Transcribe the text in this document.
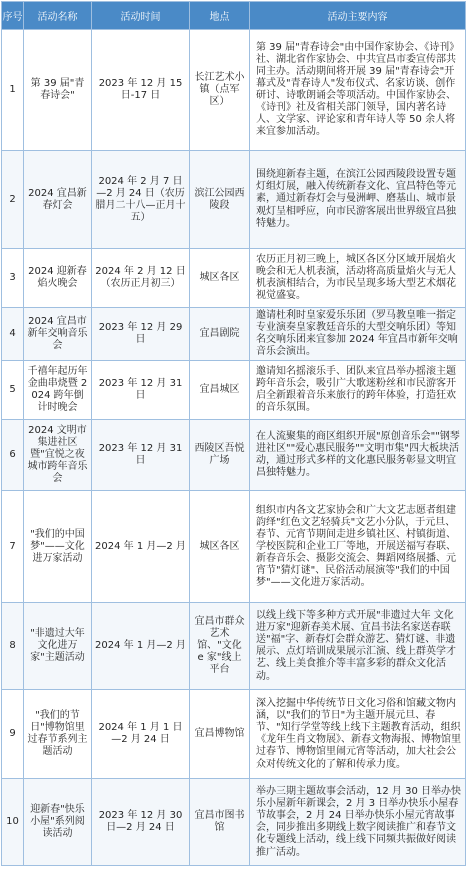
序号	活动名称	活动时间	地点	活动主要内容
1	第 39 届"青春诗会"	2023 年 12 月 15 日-17 日	长江艺术小镇（点军区）	第 39 届"青春诗会"由中国作家协会、《诗刊》社、湖北省作家协会、中共宜昌市委宣传部共同主办。活动期间将开展 39 届"青春诗会"开幕式及"青春诗人"发布仪式、名家访谈、创作研讨、诗歌朗诵会等项活动。中国作家协会、《诗刊》社及省相关部门领导，国内著名诗人、文学家、评论家和青年诗人等 50 余人将来宜参加活动。
2	2024 宜昌新春灯会	2024 年 2 月 7 日—2 月 24 日（农历腊月二十八—正月十五）	滨江公园西陵段	围绕迎新春主题，在滨江公园西陵段设置专题灯组灯展，融入传统新春文化、宜昌特色等元素，通过新春灯会与曼洲岬、磨基山、城市景观灯呈相呼应，向市民游客展出世界级宜昌独特魅力。
3	2024 迎新春焰火晚会	2024 年 2 月 12 日（农历正月初三）	城区各区	农历正月初三晚上，城区各区分区域开展焰火晚会和无人机表演，活动将高质量焰火与无人机表演相结合，为市民呈现多场大型艺术烟花视觉盛宴。
4	2024 宜昌市新年交响音乐会	2023 年 12 月 29 日	宜昌剧院	邀请杜利时皇家爱乐乐团（罗马教皇唯一指定专业演奏皇家教廷音乐的大型交响乐团）等知名交响乐团来宜参加 2024 年宜昌市新年交响音乐会演出。
5	千禧年起历年金曲串烧暨 2024 跨年倒计时晚会	2023 年 12 月 31 日	宜昌城区	邀请知名摇滚乐手、团队来宜昌举办摇滚主题跨年音乐会，吸引广大歌迷粉丝和市民游客开启全新跟着音乐来旅行的跨年体验，打造狂欢的音乐氛围。
6	2024 文明市集进社区暨"宜悦之夜 城市跨年音乐会	2023 年 12 月 31 日	西陵区吾悦广场	在人流聚集的商区组织开展"原创音乐会""钢琴进社区""爱心惠民服务""文明市集"四大板块活动，通过形式多样的文化惠民服务彰显文明宜昌独特魅力。
7	"我们的中国梦"——文化进万家活动	2024 年 1 月—2 月	城区各区	组织市内各文艺家协会和广大文艺志愿者组建韵绎"红色文艺轻骑兵"文艺小分队，于元旦、春节、元宵节期间走进乡镇社区、村镇街道、学校医院和企业工厂等地，开展送福写春联、新春音乐会、摄影交流会、舞蹈网络展播、元宵节"猜灯谜"、民俗活动展演等"我们的中国梦"——文化进万家活动。
8	"非遗过大年 文化进万家"主题活动	2024 年 1 月—2 月	宜昌市群众艺术馆、"文化 e 家"线上平台	以线上线下等多种方式开展"非遗过大年 文化进万家"迎新春美术展、宜昌书法名家送春联送"福"字、新春灯会群众游艺、猜灯谜、非遗展示、点灯培训成果展示汇演、线上群英学才艺、线上美食推介等丰富多彩的群众文化活动。
9	"我们的节日"博物馆里过春节系列主题活动	2024 年 1 月 1 日—2 月 24 日	宜昌博物馆	深入挖掘中华传统节日文化习俗和馆藏文物内涵，以"我们的节日"为主题开展元旦、春节、"知行学堂等线上线下主题教育活动，组织《龙年生肖文物展》、新春文物海报、博物馆里过春节、博物馆里闹元宵等活动，加大社会公众对传统文化的了解和传承力度。
10	迎新春"快乐小屋"系列阅读活动	2023 年 12 月 30 日—2 月 24 日	宜昌市图书馆	举办三期主题故事会活动，12 月 30 日举办快乐小屋新年新课会，2 月 3 日举办快乐小屋春节故事会，2 月 24 日举办快乐小屋元宵故事会，同步推出多期线上数字阅读推广和春节文化专题线上活动，线上线下同频共振做好阅读推广活动。
